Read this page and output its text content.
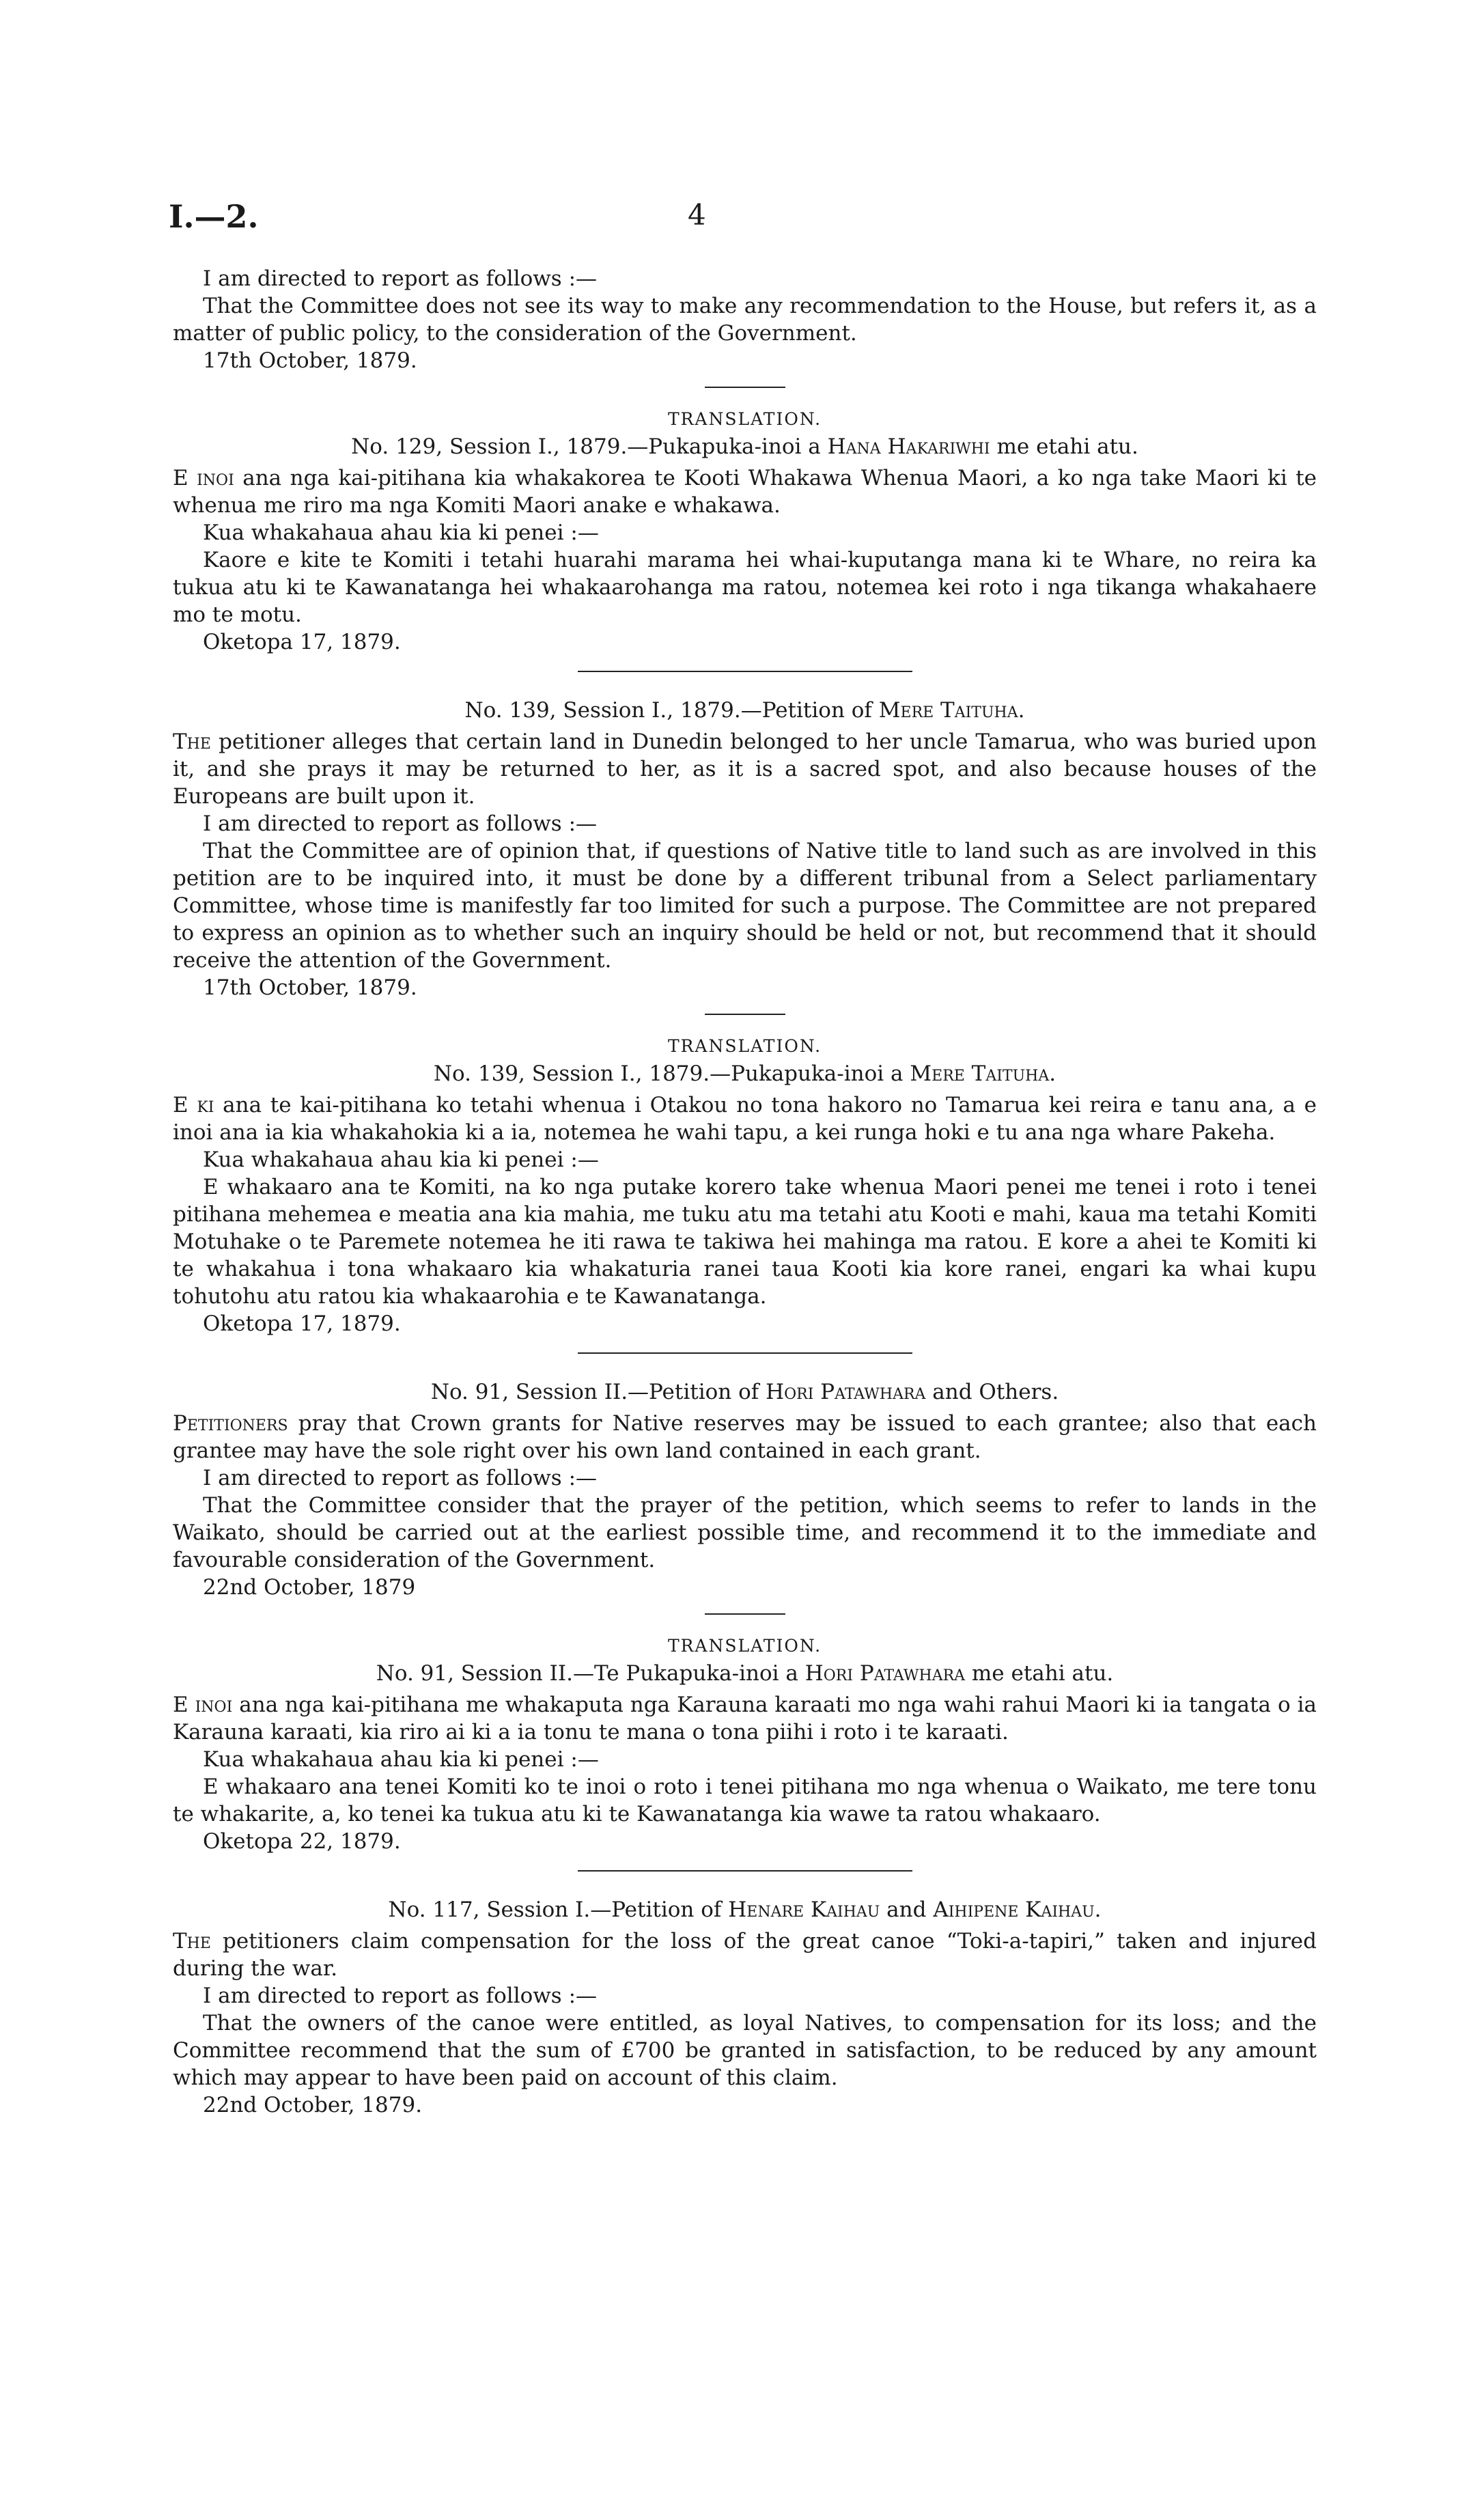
I.—2.	4

I am directed to report as follows :—

That the Committee does not see its way to make any recommendation to the House, but refers it, as a matter of public policy, to the consideration of the Government.

17th October, 1879.

TRANSLATION.

No. 129, Session I., 1879.—Pukapuka-inoi a Hana Hakariwhi me etahi atu.

E inoi ana nga kai-pitihana kia whakakorea te Kooti Whakawa Whenua Maori, a ko nga take Maori ki te whenua me riro ma nga Komiti Maori anake e whakawa.

Kua whakahaua ahau kia ki penei :—

Kaore e kite te Komiti i tetahi huarahi marama hei whai-kuputanga mana ki te Whare, no reira ka tukua atu ki te Kawanatanga hei whakaarohanga ma ratou, notemea kei roto i nga tikanga whakahaere mo te motu.

Oketopa 17, 1879.

No. 139, Session I., 1879.—Petition of Mere Taituha.

The petitioner alleges that certain land in Dunedin belonged to her uncle Tamarua, who was buried upon it, and she prays it may be returned to her, as it is a sacred spot, and also because houses of the Europeans are built upon it.

I am directed to report as follows :—

That the Committee are of opinion that, if questions of Native title to land such as are involved in this petition are to be inquired into, it must be done by a different tribunal from a Select parliamentary Committee, whose time is manifestly far too limited for such a purpose. The Committee are not prepared to express an opinion as to whether such an inquiry should be held or not, but recommend that it should receive the attention of the Government.

17th October, 1879.

TRANSLATION.

No. 139, Session I., 1879.—Pukapuka-inoi a Mere Taituha.

E ki ana te kai-pitihana ko tetahi whenua i Otakou no tona hakoro no Tamarua kei reira e tanu ana, a e inoi ana ia kia whakahokia ki a ia, notemea he wahi tapu, a kei runga hoki e tu ana nga whare Pakeha.

Kua whakahaua ahau kia ki penei :—

E whakaaro ana te Komiti, na ko nga putake korero take whenua Maori penei me tenei i roto i tenei pitihana mehemea e meatia ana kia mahia, me tuku atu ma tetahi atu Kooti e mahi, kaua ma tetahi Komiti Motuhake o te Paremete notemea he iti rawa te takiwa hei mahinga ma ratou. E kore a ahei te Komiti ki te whakahua i tona whakaaro kia whakaturia ranei taua Kooti kia kore ranei, engari ka whai kupu tohutohu atu ratou kia whakaarohia e te Kawanatanga.

Oketopa 17, 1879.

No. 91, Session II.—Petition of Hori Patawhara and Others.

Petitioners pray that Crown grants for Native reserves may be issued to each grantee; also that each grantee may have the sole right over his own land contained in each grant.

I am directed to report as follows :—

That the Committee consider that the prayer of the petition, which seems to refer to lands in the Waikato, should be carried out at the earliest possible time, and recommend it to the immediate and favourable consideration of the Government.

22nd October, 1879

TRANSLATION.

No. 91, Session II.—Te Pukapuka-inoi a Hori Patawhara me etahi atu.

E inoi ana nga kai-pitihana me whakaputa nga Karauna karaati mo nga wahi rahui Maori ki ia tangata o ia Karauna karaati, kia riro ai ki a ia tonu te mana o tona piihi i roto i te karaati.

Kua whakahaua ahau kia ki penei :—

E whakaaro ana tenei Komiti ko te inoi o roto i tenei pitihana mo nga whenua o Waikato, me tere tonu te whakarite, a, ko tenei ka tukua atu ki te Kawanatanga kia wawe ta ratou whakaaro.

Oketopa 22, 1879.

No. 117, Session I.—Petition of Henare Kaihau and Aihipene Kaihau.

The petitioners claim compensation for the loss of the great canoe “Toki-a-tapiri,” taken and injured during the war.

I am directed to report as follows :—

That the owners of the canoe were entitled, as loyal Natives, to compensation for its loss; and the Committee recommend that the sum of £700 be granted in satisfaction, to be reduced by any amount which may appear to have been paid on account of this claim.

22nd October, 1879.
